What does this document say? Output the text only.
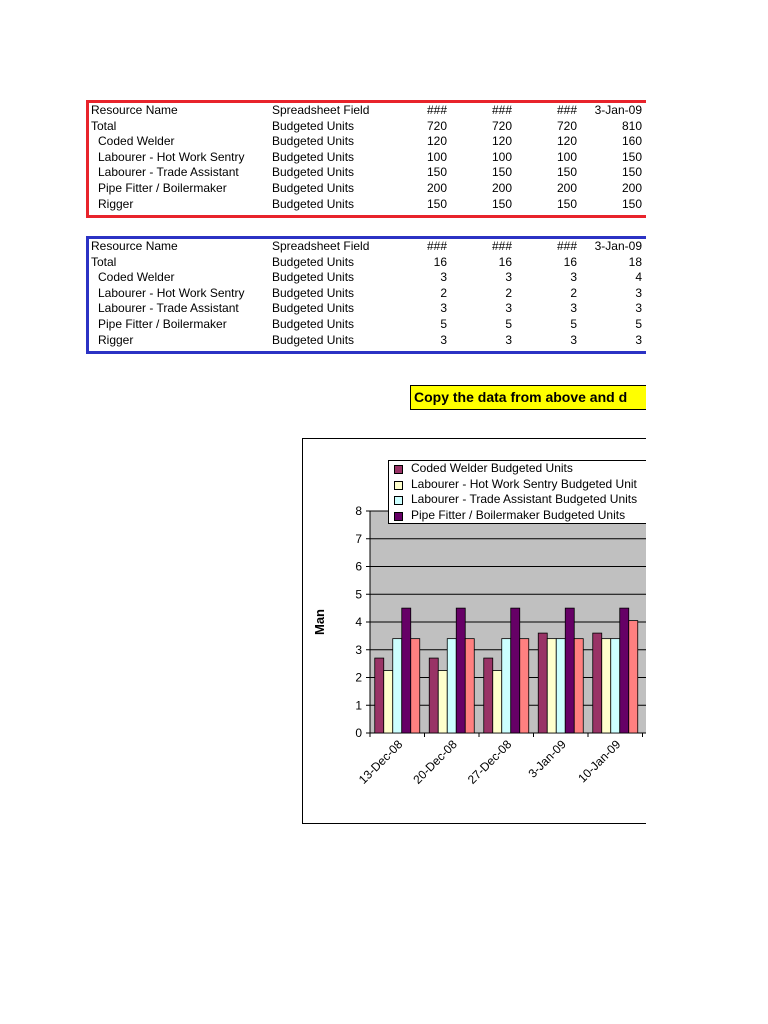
Resource Name	Spreadsheet Field	###	###	###	3-Jan-09
Total	Budgeted Units	720	720	720	810
Coded Welder	Budgeted Units	120	120	120	160
Labourer - Hot Work Sentry Budgeted Units	100	100	100	150
Labourer - Trade Assistant	Budgeted Units	150	150	150	150
Pipe Fitter / Boilermaker	Budgeted Units	200	200	200	200
Rigger	Budgeted Units	150	150	150	150
Resource Name	Spreadsheet Field	###	###	###	3-Jan-09
Total	Budgeted Units	16	16	16	18
Coded Welder	Budgeted Units	3	3	3	4
Labourer - Hot Work Sentry Budgeted Units	2	2	2	3
Labourer - Trade Assistant	Budgeted Units	3	3	3	3
Pipe Fitter / Boilermaker	Budgeted Units	5	5	5	5
Rigger	Budgeted Units	3	3	3	3
Copy the data from above and d
0
1
2
3
4
5
6
7
8
Man
13-Dec-08 20-Dec-08 27-Dec-08 3-Jan-09 10-Jan-09	17-
Coded Welder Budgeted Units
Labourer - Hot Work Sentry Budgeted Unit
Labourer - Trade Assistant Budgeted Units
Pipe Fitter / Boilermaker Budgeted Units
